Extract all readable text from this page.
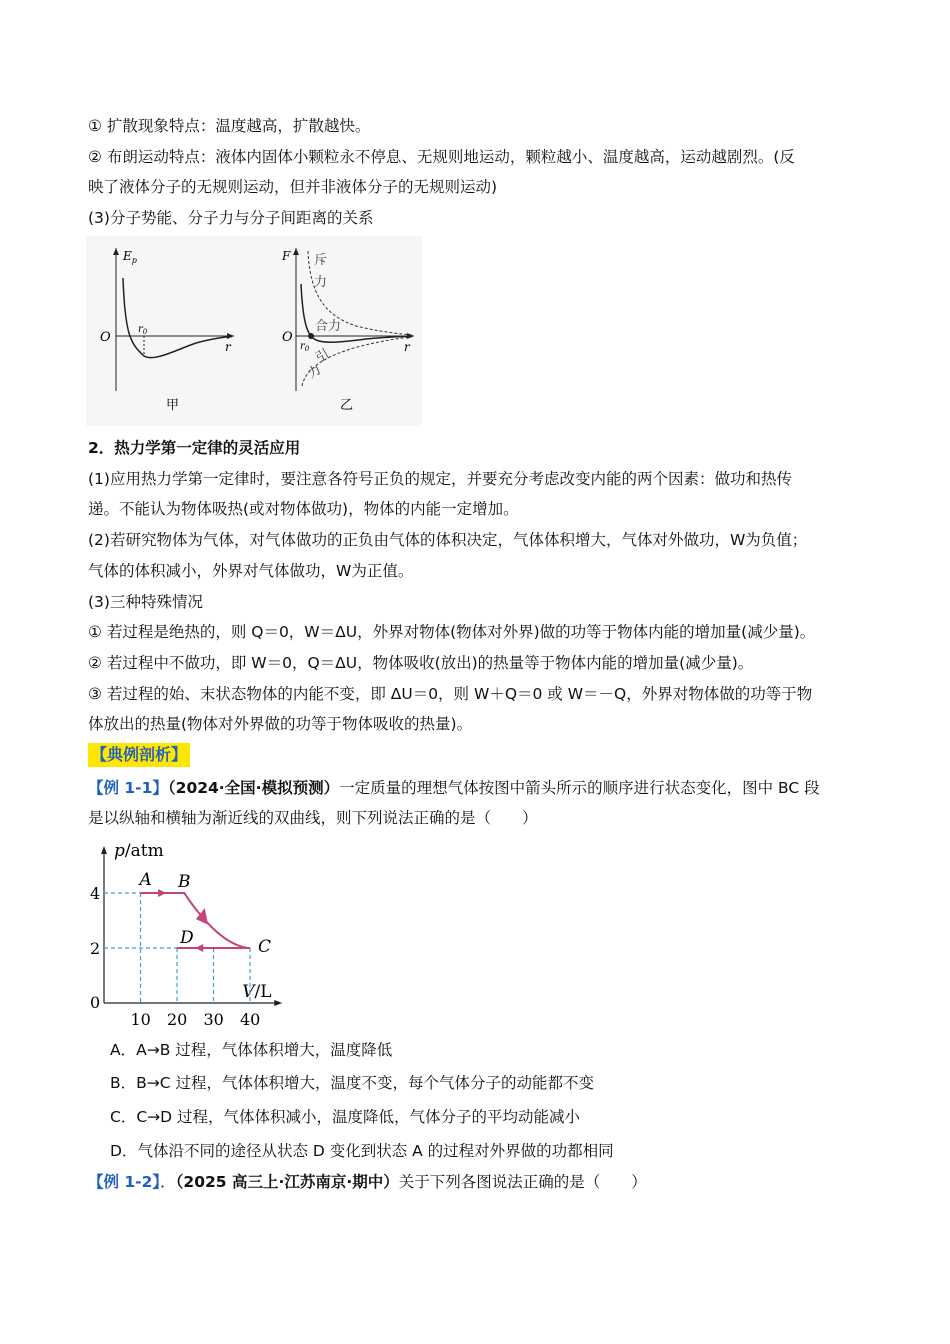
① 扩散现象特点：温度越高，扩散越快。
② 布朗运动特点：液体内固体小颗粒永不停息、无规则地运动，颗粒越小、温度越高，运动越剧烈。(反
映了液体分子的无规则运动，但并非液体分子的无规则运动)
(3)分子势能、分子力与分子间距离的关系
$E_p$
O
r
$r_0$
甲
F
O
r
$r_0$
斥
力
合力
引
力
乙
2．热力学第一定律的灵活应用
(1)应用热力学第一定律时，要注意各符号正负的规定，并要充分考虑改变内能的两个因素：做功和热传
递。不能认为物体吸热(或对物体做功)，物体的内能一定增加。
(2)若研究物体为气体，对气体做功的正负由气体的体积决定，气体体积增大，气体对外做功，W为负值；
气体的体积减小，外界对气体做功，W为正值。
(3)三种特殊情况
① 若过程是绝热的，则 Q＝0，W＝ΔU，外界对物体(物体对外界)做的功等于物体内能的增加量(减少量)。
② 若过程中不做功，即 W＝0，Q＝ΔU，物体吸收(放出)的热量等于物体内能的增加量(减少量)。
③ 若过程的始、末状态物体的内能不变，即 ΔU＝0，则 W＋Q＝0 或 W＝－Q，外界对物体做的功等于物
体放出的热量(物体对外界做的功等于物体吸收的热量)。
【典例剖析】
【例 1-1】（2024·全国·模拟预测）一定质量的理想气体按图中箭头所示的顺序进行状态变化，图中 BC 段
是以纵轴和横轴为渐近线的双曲线，则下列说法正确的是（　　）
p/atm
V/L
A B
C
D
0
2
4
10 20 30 40
A．A→B 过程，气体体积增大，温度降低
B．B→C 过程，气体体积增大，温度不变，每个气体分子的动能都不变
C．C→D 过程，气体体积减小，温度降低，气体分子的平均动能减小
D．气体沿不同的途径从状态 D 变化到状态 A 的过程对外界做的功都相同
【例 1-2】．（2025 高三上·江苏南京·期中）关于下列各图说法正确的是（　　）
